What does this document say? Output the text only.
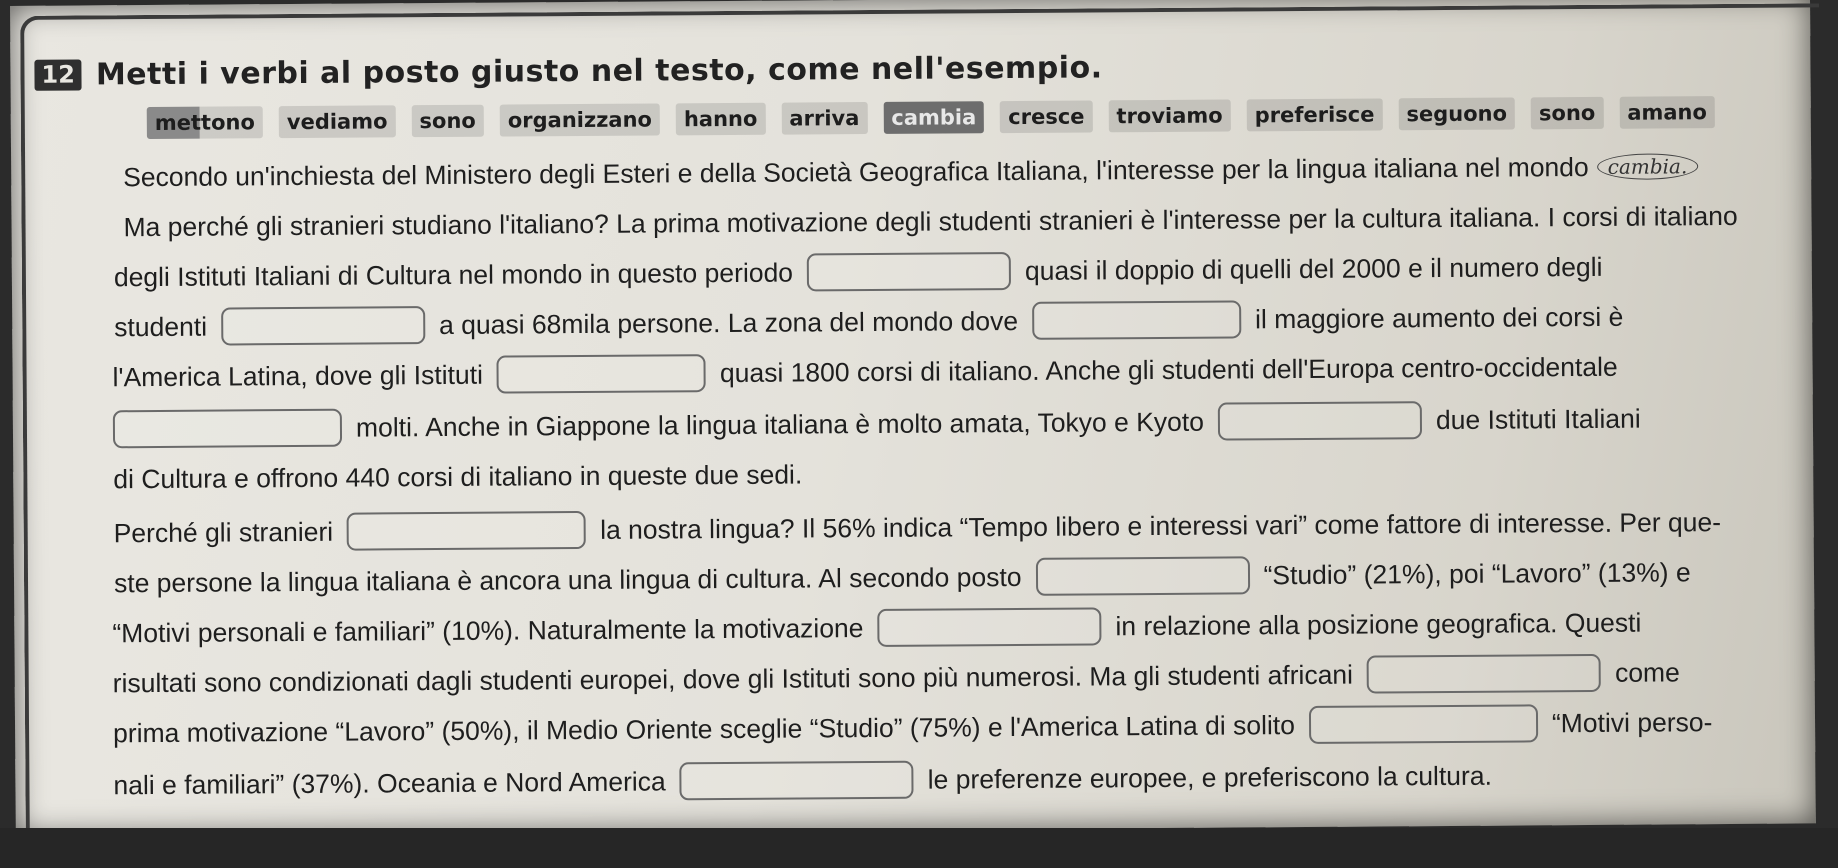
12 Metti i verbi al posto giusto nel testo, come nell'esempio.
mettono	vediamo	sono	organizzano	hanno	arriva	cambia	cresce	troviamo	preferisce	seguono	sono	amano
Secondo un'inchiesta del Ministero degli Esteri e della Società Geografica Italiana, l'interesse per la lingua italiana nel mondo cambia.
Ma perché gli stranieri studiano l'italiano? La prima motivazione degli studenti stranieri è l'interesse per la cultura italiana. I corsi di italiano
degli Istituti Italiani di Cultura nel mondo in questo periodo	quasi il doppio di quelli del 2000 e il numero degli
studenti	a quasi 68mila persone. La zona del mondo dove	il maggiore aumento dei corsi è
l'America Latina, dove gli Istituti	quasi 1800 corsi di italiano. Anche gli studenti dell'Europa centro-occidentale
molti. Anche in Giappone la lingua italiana è molto amata, Tokyo e Kyoto	due Istituti Italiani
di Cultura e offrono 440 corsi di italiano in queste due sedi.
Perché gli stranieri	la nostra lingua? Il 56% indica “Tempo libero e interessi vari” come fattore di interesse. Per que-
ste persone la lingua italiana è ancora una lingua di cultura. Al secondo posto	“Studio” (21%), poi “Lavoro” (13%) e
“Motivi personali e familiari” (10%). Naturalmente la motivazione	in relazione alla posizione geografica. Questi
risultati sono condizionati dagli studenti europei, dove gli Istituti sono più numerosi. Ma gli studenti africani	come
prima motivazione “Lavoro” (50%), il Medio Oriente sceglie “Studio” (75%) e l'America Latina di solito	“Motivi perso-
nali e familiari” (37%). Oceania e Nord America	le preferenze europee, e preferiscono la cultura.
